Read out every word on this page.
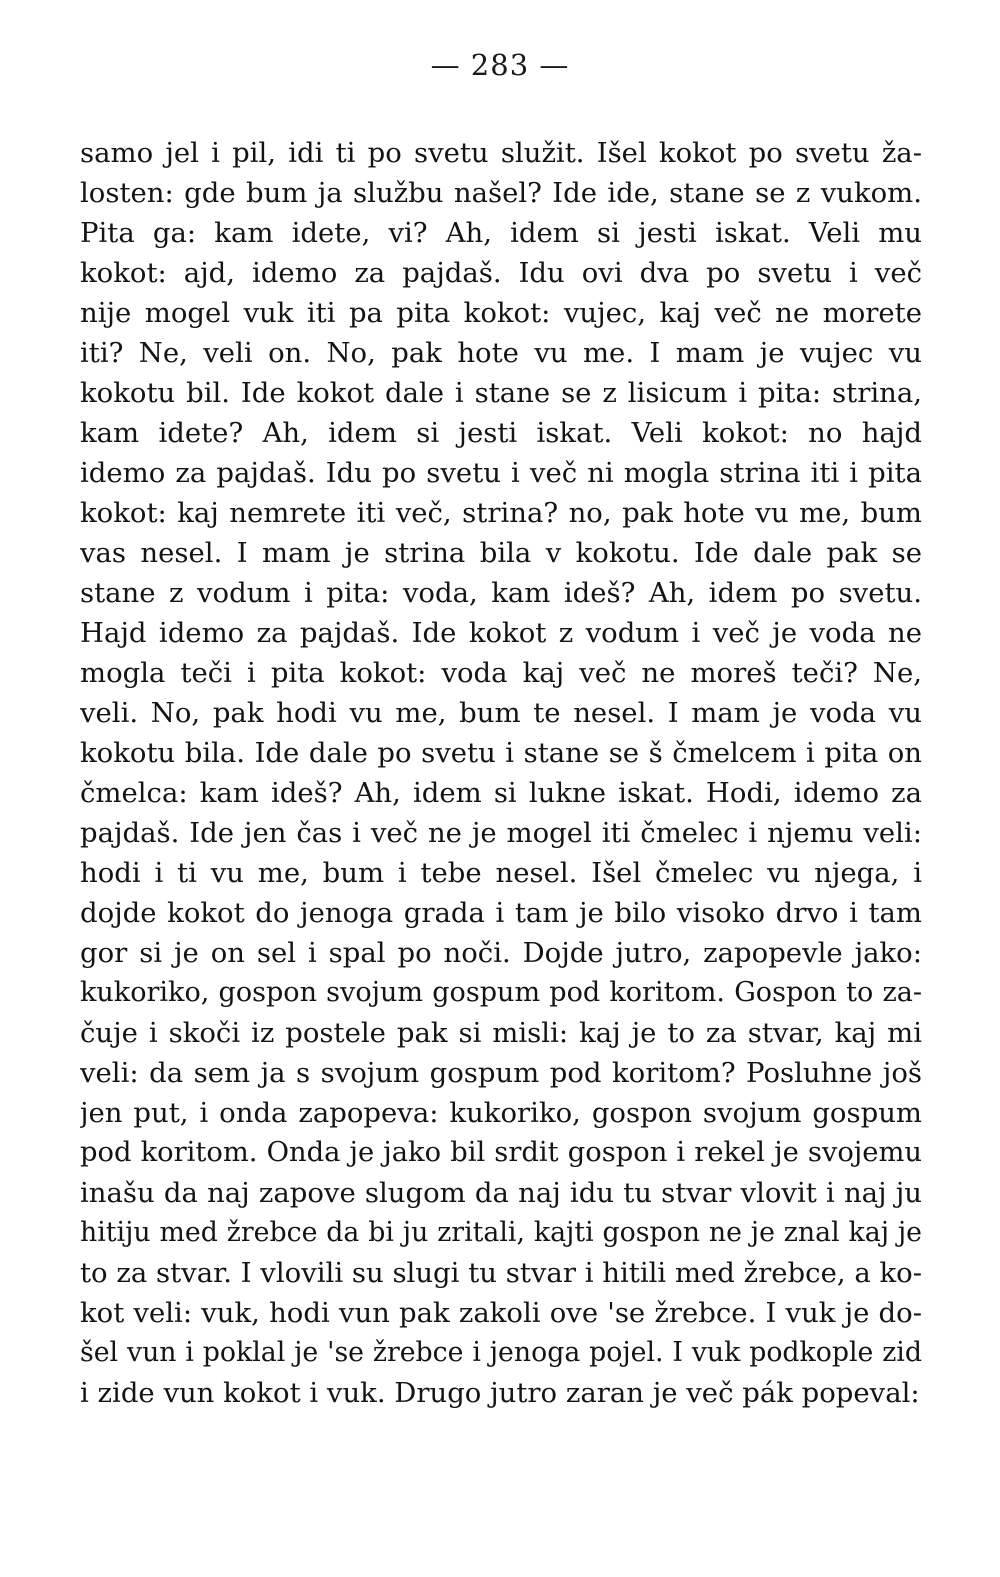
— 283 —
samo jel i pil, idi ti po svetu služit. Išel kokot po svetu ža-
losten: gde bum ja službu našel? Ide ide, stane se z vukom.
Pita ga: kam idete, vi? Ah, idem si jesti iskat. Veli mu
kokot: ajd, idemo za pajdaš. Idu ovi dva po svetu i več
nije mogel vuk iti pa pita kokot: vujec, kaj več ne morete
iti? Ne, veli on. No, pak hote vu me. I mam je vujec vu
kokotu bil. Ide kokot dale i stane se z lisicum i pita: strina,
kam idete? Ah, idem si jesti iskat. Veli kokot: no hajd
idemo za pajdaš. Idu po svetu i več ni mogla strina iti i pita
kokot: kaj nemrete iti več, strina? no, pak hote vu me, bum
vas nesel. I mam je strina bila v kokotu. Ide dale pak se
stane z vodum i pita: voda, kam ideš? Ah, idem po svetu.
Hajd idemo za pajdaš. Ide kokot z vodum i več je voda ne
mogla teči i pita kokot: voda kaj več ne moreš teči? Ne,
veli. No, pak hodi vu me, bum te nesel. I mam je voda vu
kokotu bila. Ide dale po svetu i stane se š čmelcem i pita on
čmelca: kam ideš? Ah, idem si lukne iskat. Hodi, idemo za
pajdaš. Ide jen čas i več ne je mogel iti čmelec i njemu veli:
hodi i ti vu me, bum i tebe nesel. Išel čmelec vu njega, i
dojde kokot do jenoga grada i tam je bilo visoko drvo i tam
gor si je on sel i spal po noči. Dojde jutro, zapopevle jako:
kukoriko, gospon svojum gospum pod koritom. Gospon to za-
čuje i skoči iz postele pak si misli: kaj je to za stvar, kaj mi
veli: da sem ja s svojum gospum pod koritom? Posluhne još
jen put, i onda zapopeva: kukoriko, gospon svojum gospum
pod koritom. Onda je jako bil srdit gospon i rekel je svojemu
inašu da naj zapove slugom da naj idu tu stvar vlovit i naj ju
hitiju med žrebce da bi ju zritali, kajti gospon ne je znal kaj je
to za stvar. I vlovili su slugi tu stvar i hitili med žrebce, a ko-
kot veli: vuk, hodi vun pak zakoli ove 'se žrebce. I vuk je do-
šel vun i poklal je 'se žrebce i jenoga pojel. I vuk podkople zid
i zide vun kokot i vuk. Drugo jutro zaran je več pák popeval:
